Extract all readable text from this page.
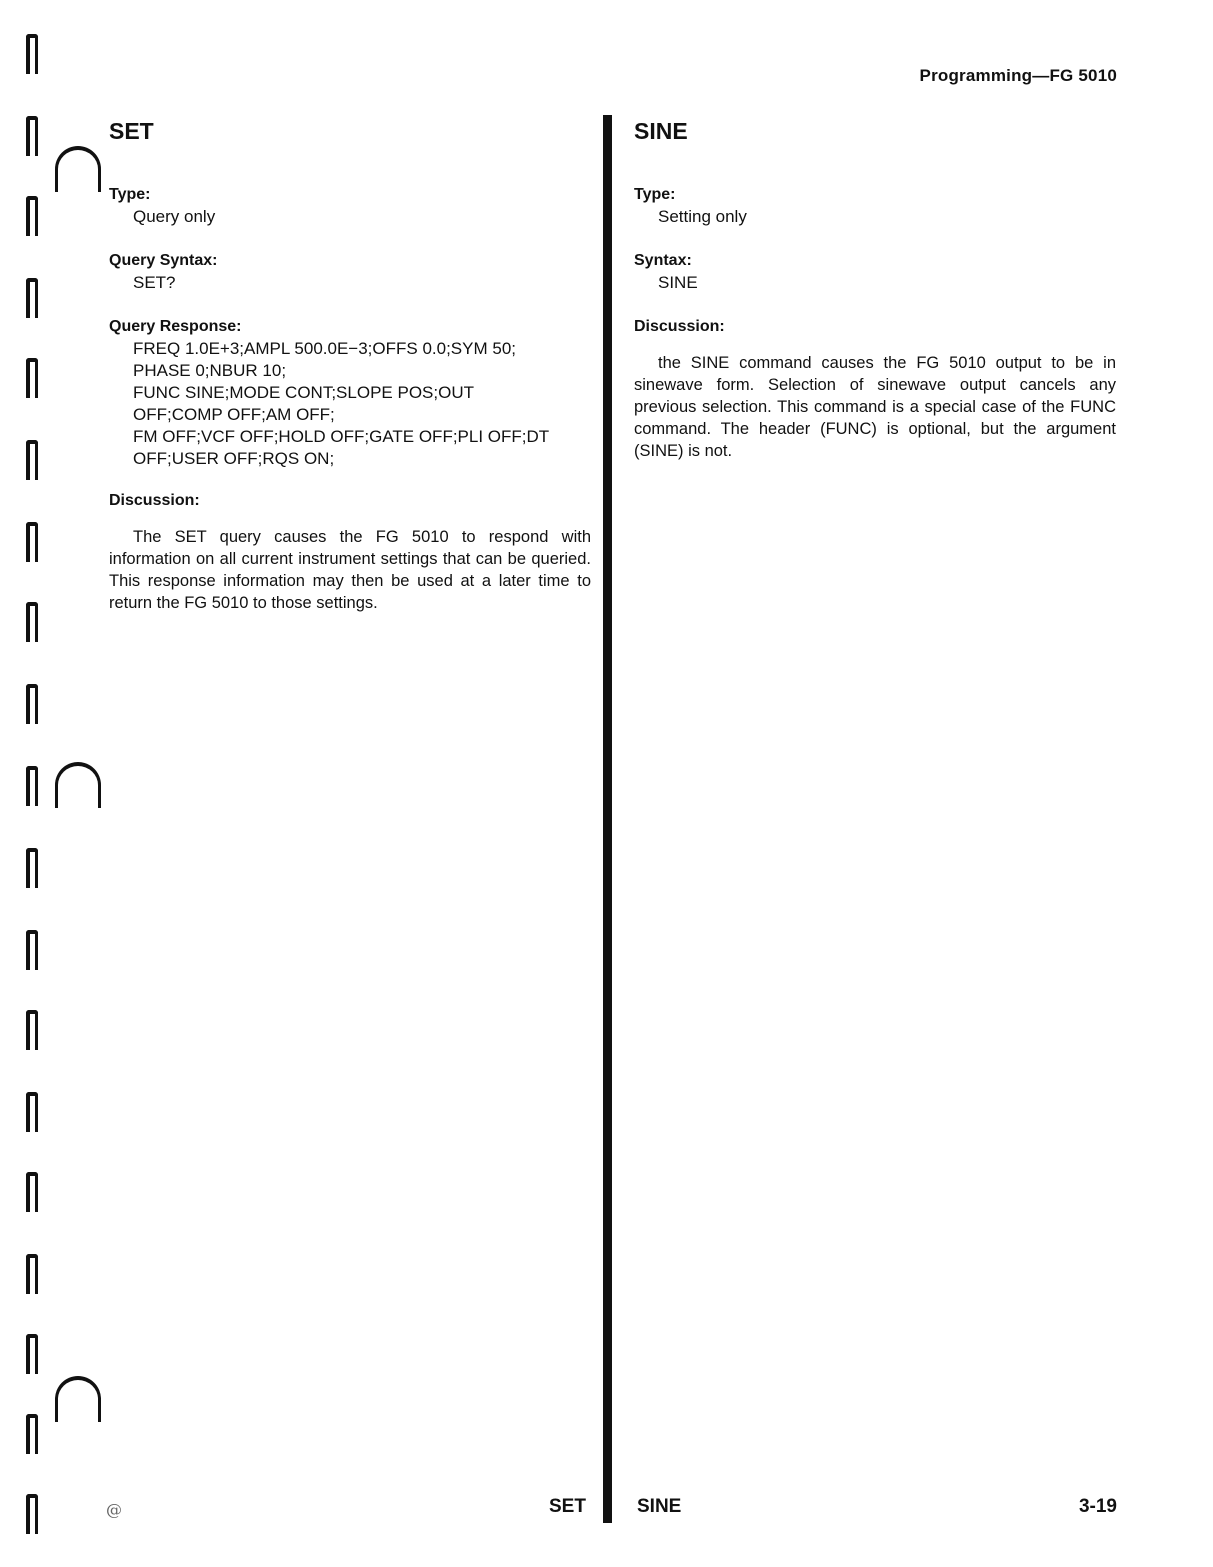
Programming—FG 5010
SET

Type:

Query only

Query Syntax:

SET?

Query Response:

FREQ 1.0E+3;AMPL 500.0E−3;OFFS 0.0;SYM 50;

PHASE 0;NBUR 10;

FUNC SINE;MODE CONT;SLOPE POS;OUT

OFF;COMP OFF;AM OFF;

FM OFF;VCF OFF;HOLD OFF;GATE OFF;PLI OFF;DT

OFF;USER OFF;RQS ON;

Discussion:

The SET query causes the FG 5010 to respond with information on all current instrument settings that can be queried. This response information may then be used at a later time to return the FG 5010 to those settings.

SINE

Type:

Setting only

Syntax:

SINE

Discussion:

the SINE command causes the FG 5010 output to be in sinewave form. Selection of sinewave output cancels any previous selection. This command is a special case of the FUNC command. The header (FUNC) is optional, but the argument (SINE) is not.

@	SET	SINE	3-19
